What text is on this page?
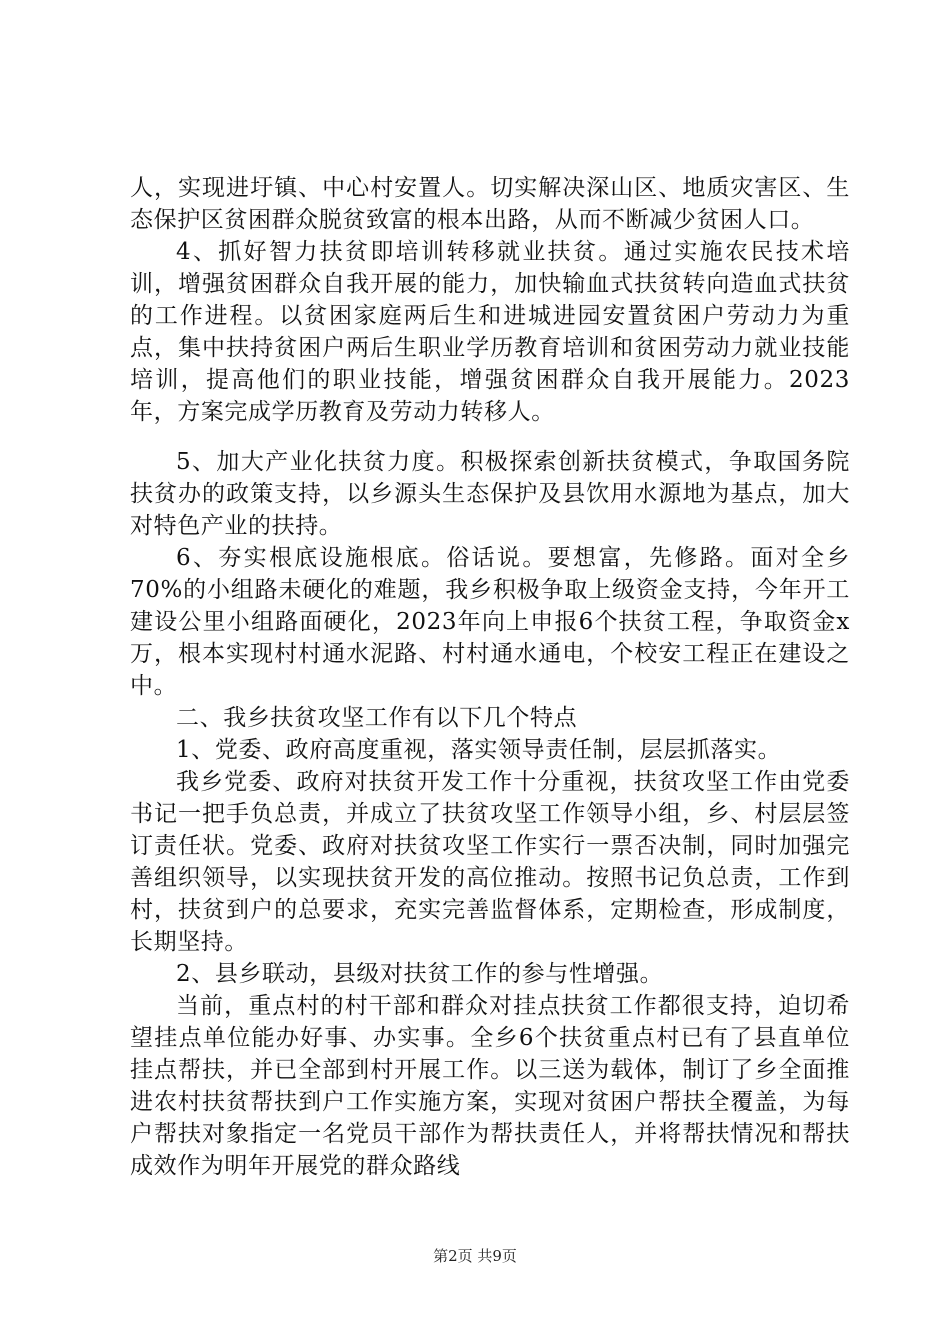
人，实现进圩镇、中心村安置人。切实解决深山区、地质灾害区、生态保护区贫困群众脱贫致富的根本出路，从而不断减少贫困人口。

4、抓好智力扶贫即培训转移就业扶贫。通过实施农民技术培训，增强贫困群众自我开展的能力，加快输血式扶贫转向造血式扶贫的工作进程。以贫困家庭两后生和进城进园安置贫困户劳动力为重点，集中扶持贫困户两后生职业学历教育培训和贫困劳动力就业技能培训，提高他们的职业技能，增强贫困群众自我开展能力。2023年，方案完成学历教育及劳动力转移人。

5、加大产业化扶贫力度。积极探索创新扶贫模式，争取国务院扶贫办的政策支持，以乡源头生态保护及县饮用水源地为基点，加大对特色产业的扶持。

6、夯实根底设施根底。俗话说。要想富，先修路。面对全乡70%的小组路未硬化的难题，我乡积极争取上级资金支持，今年开工建设公里小组路面硬化，2023年向上申报6个扶贫工程，争取资金x万，根本实现村村通水泥路、村村通水通电，个校安工程正在建设之中。

二、我乡扶贫攻坚工作有以下几个特点

1、党委、政府高度重视，落实领导责任制，层层抓落实。

我乡党委、政府对扶贫开发工作十分重视，扶贫攻坚工作由党委书记一把手负总责，并成立了扶贫攻坚工作领导小组，乡、村层层签订责任状。党委、政府对扶贫攻坚工作实行一票否决制，同时加强完善组织领导，以实现扶贫开发的高位推动。按照书记负总责，工作到村，扶贫到户的总要求，充实完善监督体系，定期检查，形成制度，长期坚持。

2、县乡联动，县级对扶贫工作的参与性增强。

当前，重点村的村干部和群众对挂点扶贫工作都很支持，迫切希望挂点单位能办好事、办实事。全乡6个扶贫重点村已有了县直单位挂点帮扶，并已全部到村开展工作。以三送为载体，制订了乡全面推进农村扶贫帮扶到户工作实施方案，实现对贫困户帮扶全覆盖，为每户帮扶对象指定一名党员干部作为帮扶责任人，并将帮扶情况和帮扶成效作为明年开展党的群众路线

第2页 共9页
